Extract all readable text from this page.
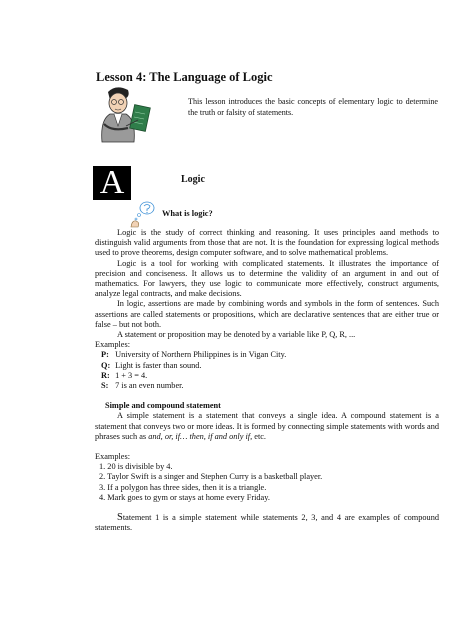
Lesson 4: The Language of Logic
This lesson introduces the basic concepts of elementary logic to determine the truth or falsity of statements.
A	Logic
What is logic?

Logic is the study of correct thinking and reasoning. It uses principles aand methods to distinguish valid arguments from those that are not. It is the foundation for expressing logical methods used to prove theorems, design computer software, and to solve mathematical problems.

Logic is a tool for working with complicated statements. It illustrates the importance of precision and conciseness. It allows us to determine the validity of an argument in and out of mathematics. For lawyers, they use logic to communicate more effectively, construct arguments, analyze legal contracts, and make decisions.

In logic, assertions are made by combining words and symbols in the form of sentences. Such assertions are called statements or propositions, which are declarative sentences that are either true or false – but not both.

A statement or proposition may be denoted by a variable like P, Q, R, ...

Examples:

P: University of Northern Philippines is in Vigan City.
Q: Light is faster than sound.
R: 1 + 3 = 4.
S: 7 is an even number.

Simple and compound statement

A simple statement is a statement that conveys a single idea. A compound statement is a statement that conveys two or more ideas. It is formed by connecting simple statements with words and phrases such as and, or, if… then, if and only if, etc.

Examples:

1. 20 is divisible by 4.
2. Taylor Swift is a singer and Stephen Curry is a basketball player.
3. If a polygon has three sides, then it is a triangle.
4. Mark goes to gym or stays at home every Friday.

Statement 1 is a simple statement while statements 2, 3, and 4 are examples of compound statements.
